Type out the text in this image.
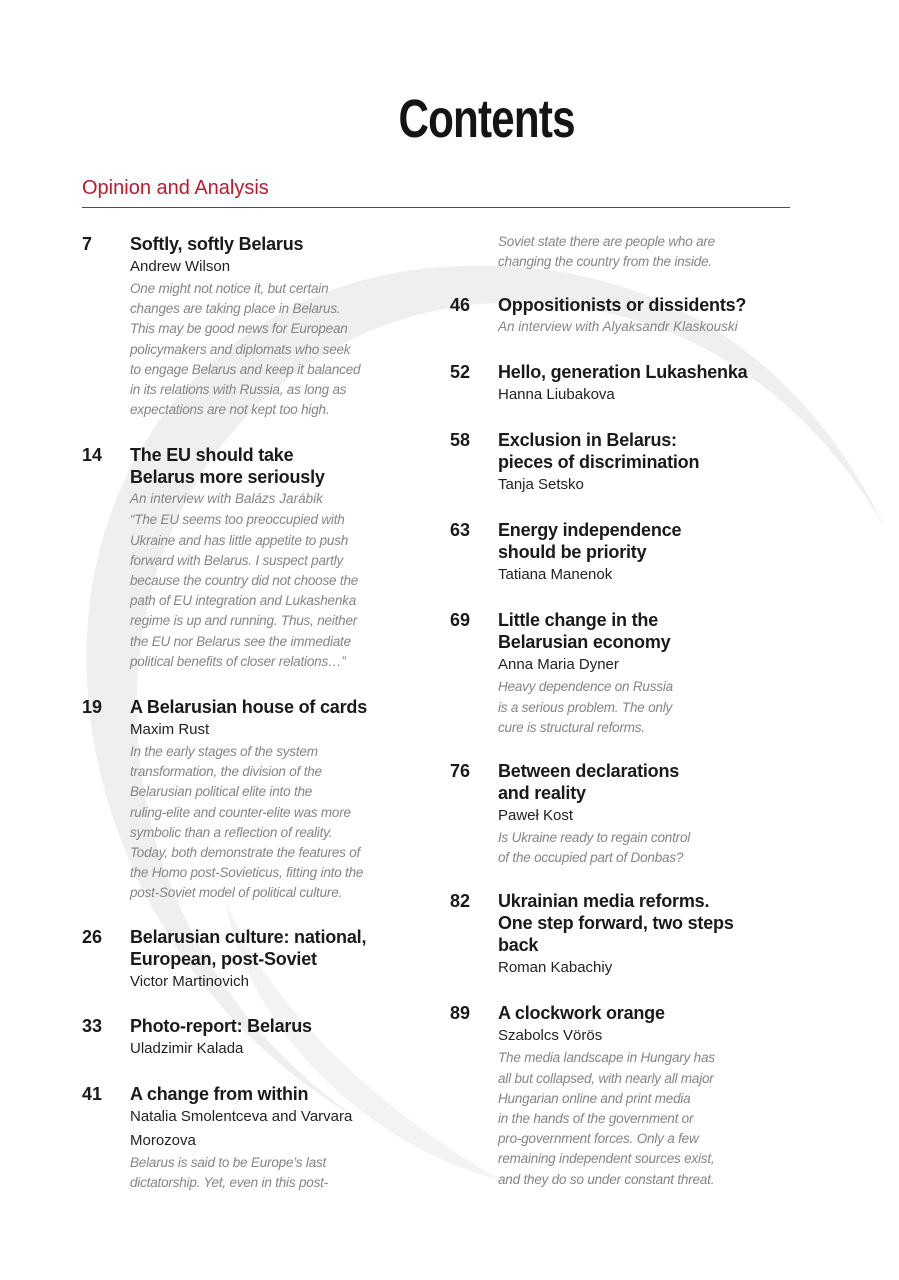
Contents
Opinion and Analysis
7 Softly, softly Belarus
Andrew Wilson
One might not notice it, but certain
changes are taking place in Belarus.
This may be good news for European
policymakers and diplomats who seek
to engage Belarus and keep it balanced
in its relations with Russia, as long as
expectations are not kept too high.
14 The EU should take
Belarus more seriously
An interview with Balázs Jarábik
“The EU seems too preoccupied with
Ukraine and has little appetite to push
forward with Belarus. I suspect partly
because the country did not choose the
path of EU integration and Lukashenka
regime is up and running. Thus, neither
the EU nor Belarus see the immediate
political benefits of closer relations…”
19 A Belarusian house of cards
Maxim Rust
In the early stages of the system
transformation, the division of the
Belarusian political elite into the
ruling-elite and counter-elite was more
symbolic than a reflection of reality.
Today, both demonstrate the features of
the Homo post-Sovieticus, fitting into the
post-Soviet model of political culture.
26 Belarusian culture: national,
European, post-Soviet
Victor Martinovich
33 Photo-report: Belarus
Uladzimir Kalada
41 A change from within
Natalia Smolentceva and Varvara Morozova
Belarus is said to be Europe’s last
dictatorship. Yet, even in this post-
Soviet state there are people who are
changing the country from the inside.
46 Oppositionists or dissidents?
An interview with Alyaksandr Klaskouski
52 Hello, generation Lukashenka
Hanna Liubakova
58 Exclusion in Belarus:
pieces of discrimination
Tanja Setsko
63 Energy independence
should be priority
Tatiana Manenok
69 Little change in the
Belarusian economy
Anna Maria Dyner
Heavy dependence on Russia
is a serious problem. The only
cure is structural reforms.
76 Between declarations
and reality
Paweł Kost
Is Ukraine ready to regain control
of the occupied part of Donbas?
82 Ukrainian media reforms.
One step forward, two steps back
Roman Kabachiy
89 A clockwork orange
Szabolcs Vörös
The media landscape in Hungary has
all but collapsed, with nearly all major
Hungarian online and print media
in the hands of the government or
pro-government forces. Only a few
remaining independent sources exist,
and they do so under constant threat.
